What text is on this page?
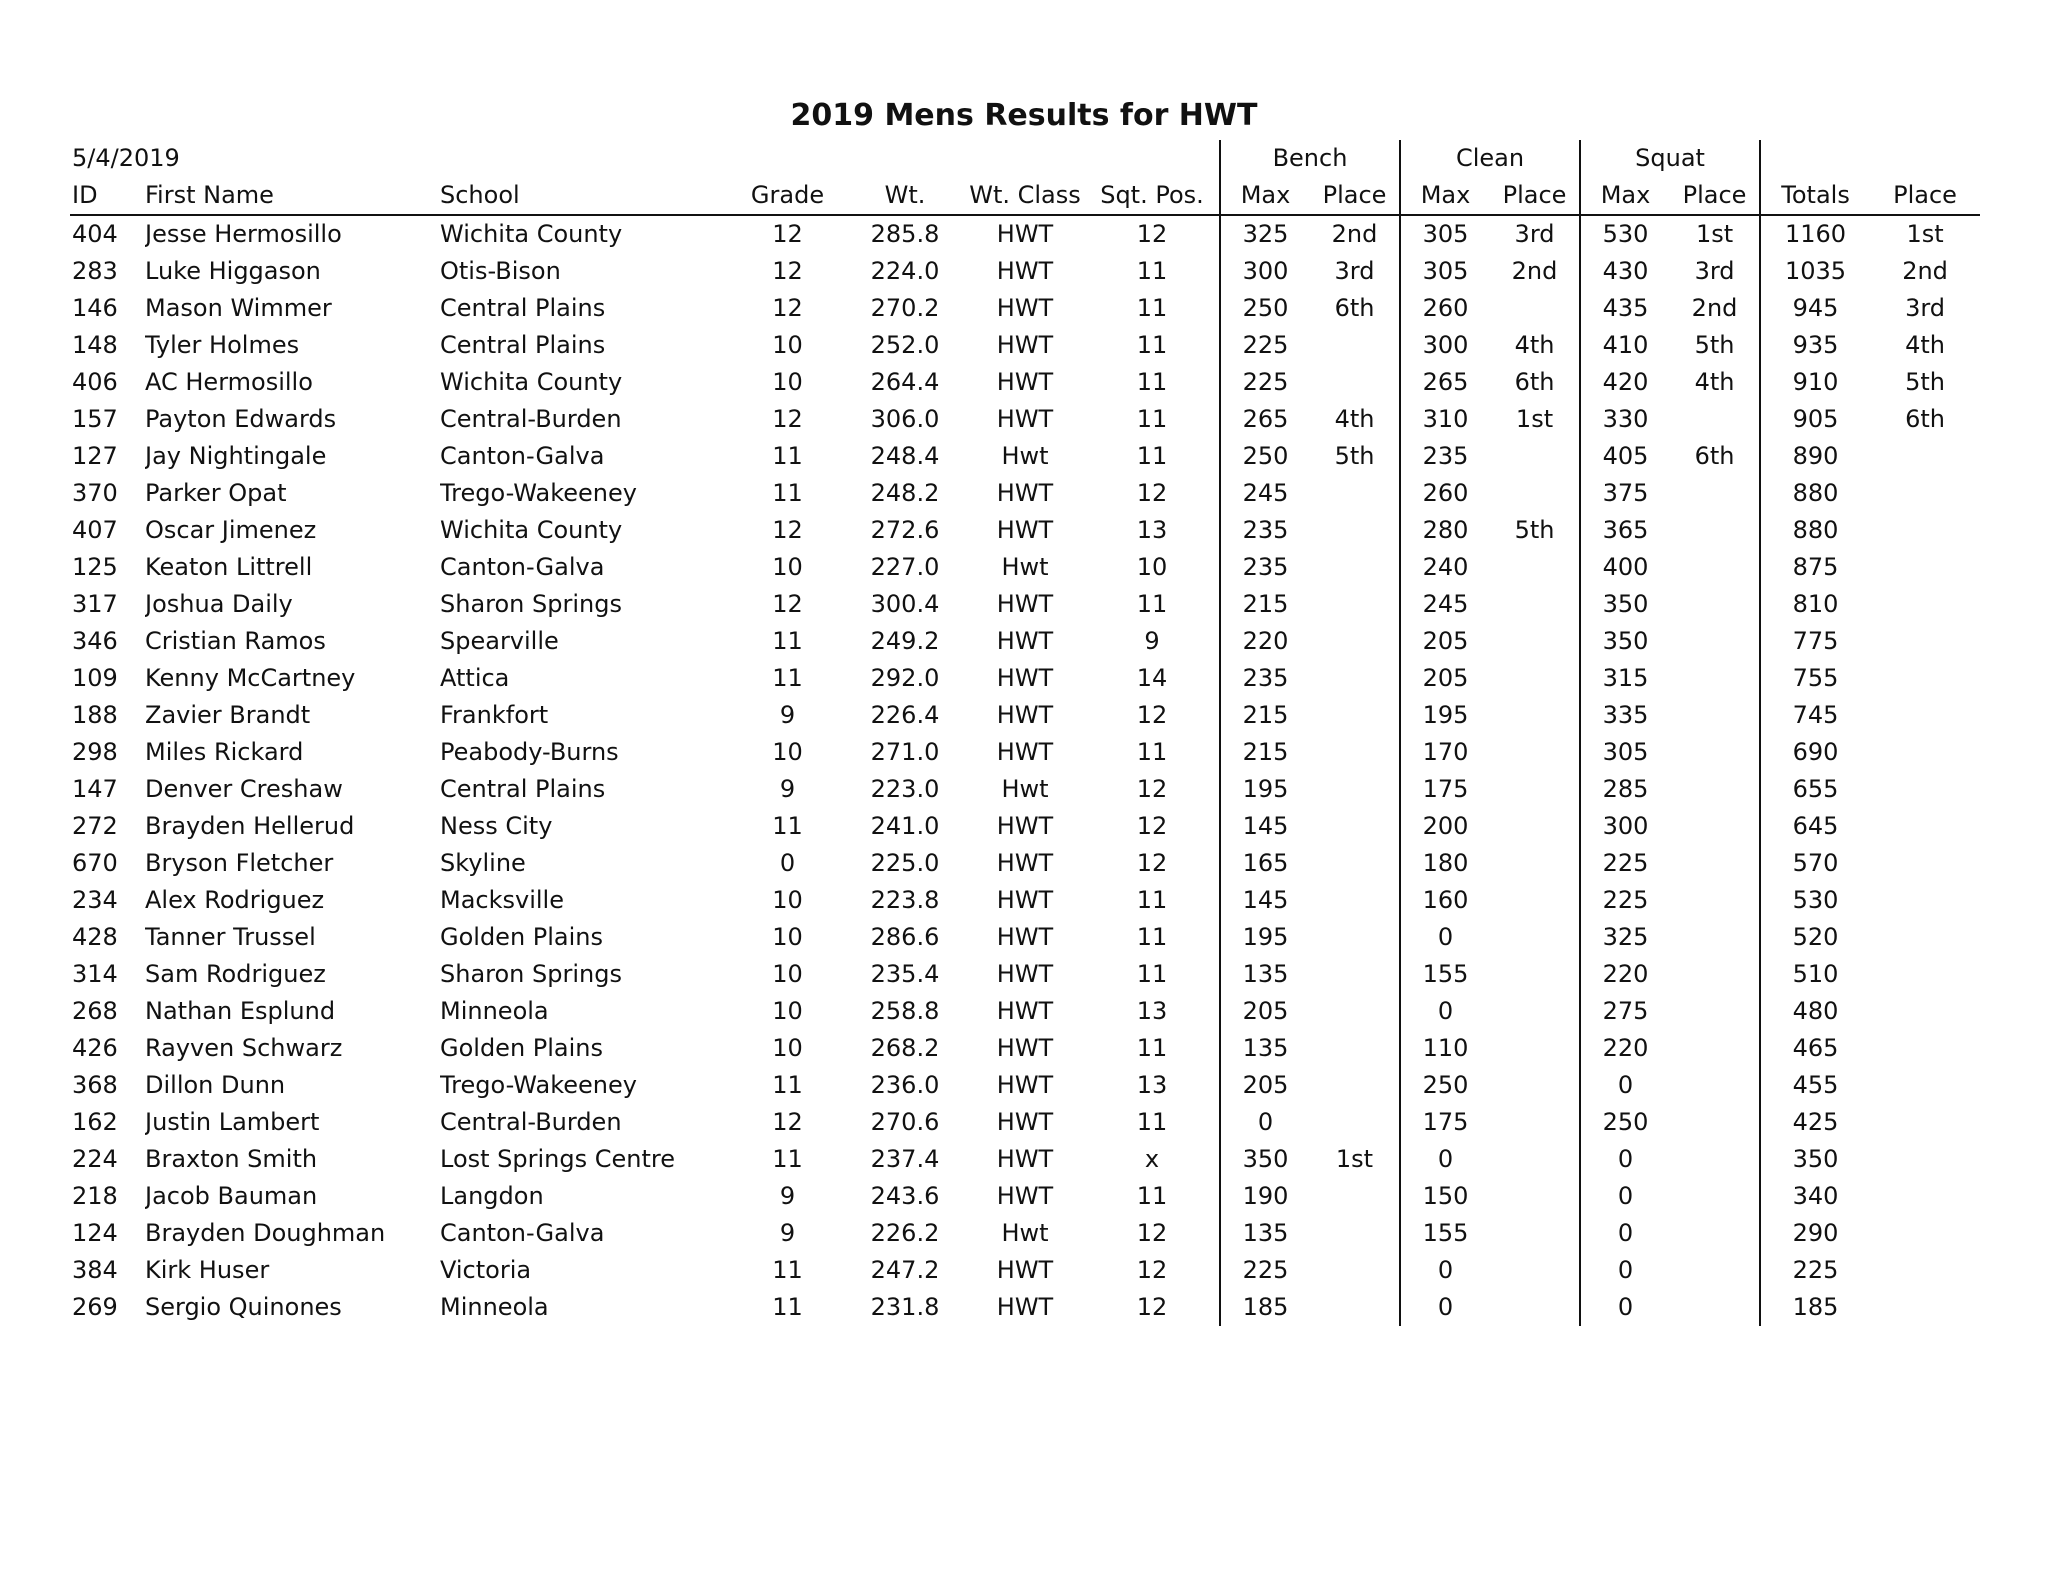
2019 Mens Results for HWT
5/4/2019							Bench		Clean		Squat			
ID	First Name	School	Grade	Wt.	Wt. Class	Sqt. Pos.	Max	Place	Max	Place	Max	Place	Totals	Place
404	Jesse Hermosillo	Wichita County	12	285.8	HWT	12	325	2nd	305	3rd	530	1st	1160	1st
283	Luke Higgason	Otis-Bison	12	224.0	HWT	11	300	3rd	305	2nd	430	3rd	1035	2nd
146	Mason Wimmer	Central Plains	12	270.2	HWT	11	250	6th	260		435	2nd	945	3rd
148	Tyler Holmes	Central Plains	10	252.0	HWT	11	225		300	4th	410	5th	935	4th
406	AC Hermosillo	Wichita County	10	264.4	HWT	11	225		265	6th	420	4th	910	5th
157	Payton Edwards	Central-Burden	12	306.0	HWT	11	265	4th	310	1st	330		905	6th
127	Jay Nightingale	Canton-Galva	11	248.4	Hwt	11	250	5th	235		405	6th	890	
370	Parker Opat	Trego-Wakeeney	11	248.2	HWT	12	245		260		375		880	
407	Oscar Jimenez	Wichita County	12	272.6	HWT	13	235		280	5th	365		880	
125	Keaton Littrell	Canton-Galva	10	227.0	Hwt	10	235		240		400		875	
317	Joshua Daily	Sharon Springs	12	300.4	HWT	11	215		245		350		810	
346	Cristian Ramos	Spearville	11	249.2	HWT	9	220		205		350		775	
109	Kenny McCartney	Attica	11	292.0	HWT	14	235		205		315		755	
188	Zavier Brandt	Frankfort	9	226.4	HWT	12	215		195		335		745	
298	Miles Rickard	Peabody-Burns	10	271.0	HWT	11	215		170		305		690	
147	Denver Creshaw	Central Plains	9	223.0	Hwt	12	195		175		285		655	
272	Brayden Hellerud	Ness City	11	241.0	HWT	12	145		200		300		645	
670	Bryson Fletcher	Skyline	0	225.0	HWT	12	165		180		225		570	
234	Alex Rodriguez	Macksville	10	223.8	HWT	11	145		160		225		530	
428	Tanner Trussel	Golden Plains	10	286.6	HWT	11	195		0		325		520	
314	Sam Rodriguez	Sharon Springs	10	235.4	HWT	11	135		155		220		510	
268	Nathan Esplund	Minneola	10	258.8	HWT	13	205		0		275		480	
426	Rayven Schwarz	Golden Plains	10	268.2	HWT	11	135		110		220		465	
368	Dillon Dunn	Trego-Wakeeney	11	236.0	HWT	13	205		250		0		455	
162	Justin Lambert	Central-Burden	12	270.6	HWT	11	0		175		250		425	
224	Braxton Smith	Lost Springs Centre	11	237.4	HWT	x	350	1st	0		0		350	
218	Jacob Bauman	Langdon	9	243.6	HWT	11	190		150		0		340	
124	Brayden Doughman	Canton-Galva	9	226.2	Hwt	12	135		155		0		290	
384	Kirk Huser	Victoria	11	247.2	HWT	12	225		0		0		225	
269	Sergio Quinones	Minneola	11	231.8	HWT	12	185		0		0		185	
